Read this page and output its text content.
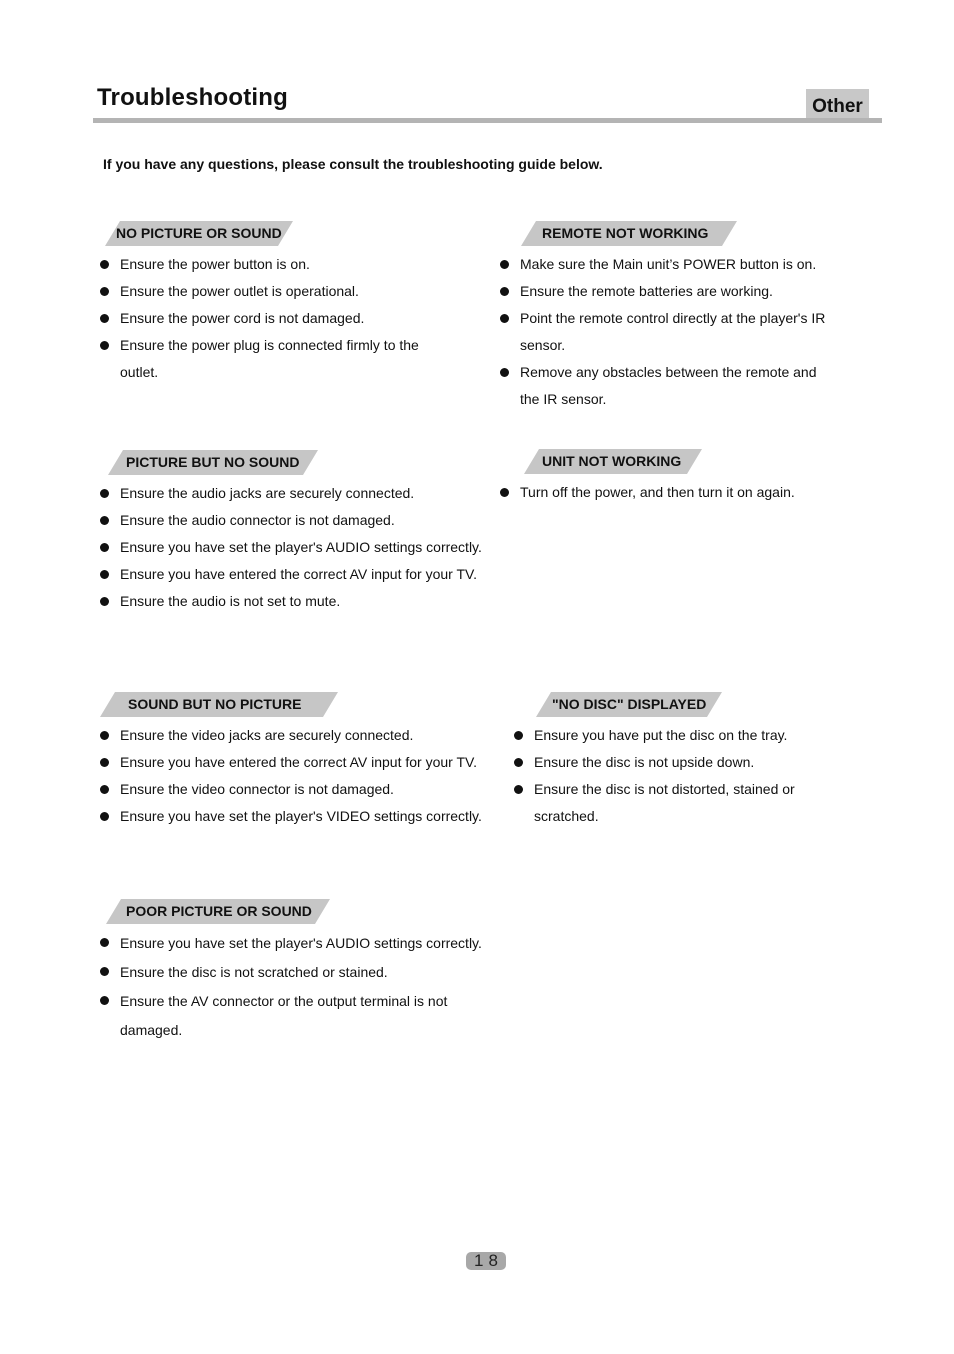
Troubleshooting	Other
If you have any questions, please consult the troubleshooting guide below.
NO PICTURE OR SOUND
Ensure the power button is on.
Ensure the power outlet is operational.
Ensure the power cord is not damaged.
Ensure the power plug is connected firmly to the
outlet.
REMOTE NOT WORKING
Make sure the Main unit’s POWER button is on.
Ensure the remote batteries are working.
Point the remote control directly at the player's IR
sensor.
Remove any obstacles between the remote and
the IR sensor.
PICTURE BUT NO SOUND
Ensure the audio jacks are securely connected.
Ensure the audio connector is not damaged.
Ensure you have set the player's AUDIO settings correctly.
Ensure you have entered the correct AV input for your TV.
Ensure the audio is not set to mute.
UNIT NOT WORKING
Turn off the power, and then turn it on again.
SOUND BUT NO PICTURE
Ensure the video jacks are securely connected.
Ensure you have entered the correct AV input for your TV.
Ensure the video connector is not damaged.
Ensure you have set the player's VIDEO settings correctly.
"NO DISC" DISPLAYED
Ensure you have put the disc on the tray.
Ensure the disc is not upside down.
Ensure the disc is not distorted, stained or
scratched.
POOR PICTURE OR SOUND
Ensure you have set the player's AUDIO settings correctly.
Ensure the disc is not scratched or stained.
Ensure the AV connector or the output terminal is not
damaged.
18
